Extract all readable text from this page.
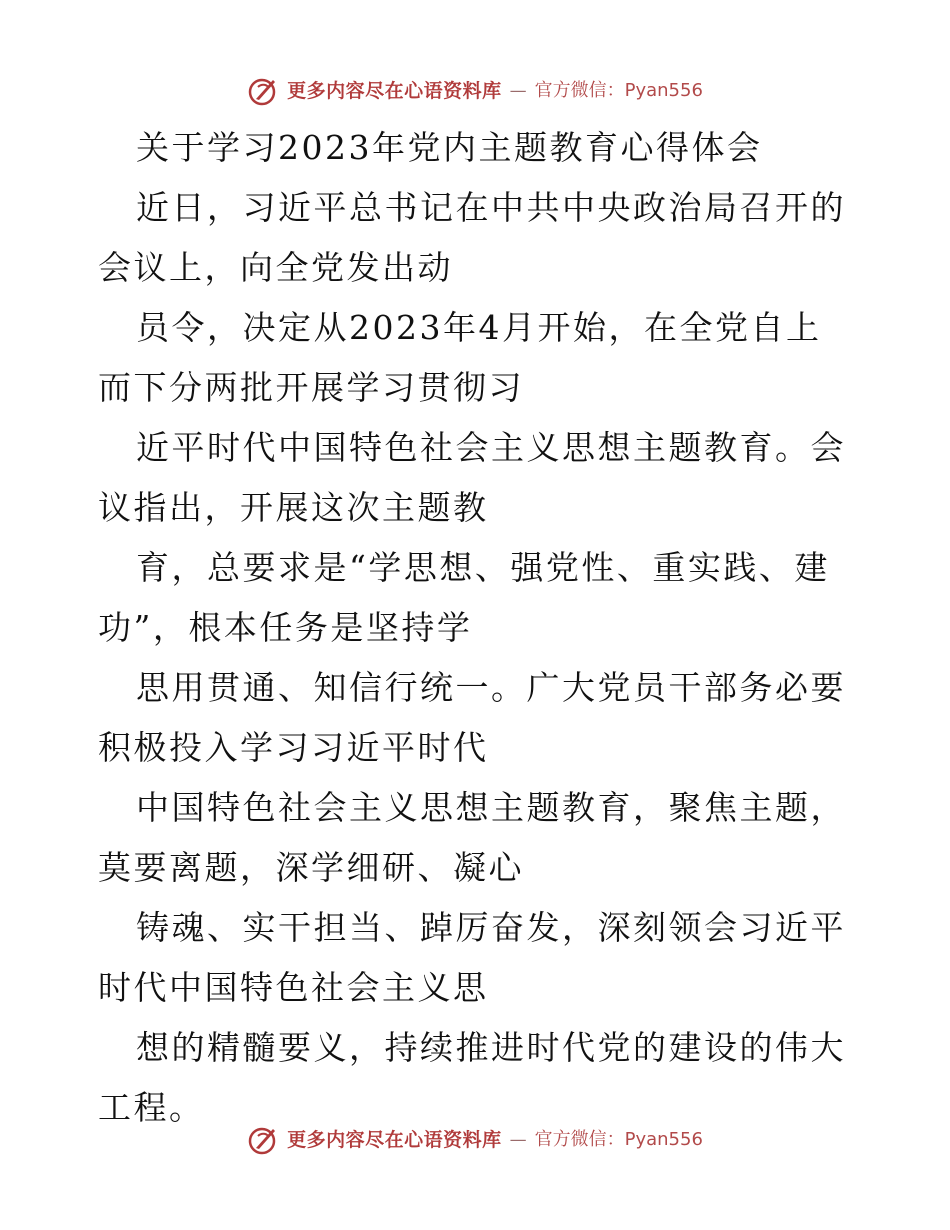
更多内容尽在心语资料库 — 官方微信：Pyan556

关于学习2023年党内主题教育心得体会

近日，习近平总书记在中共中央政治局召开的会议上，向全党发出动

员令，决定从2023年4月开始，在全党自上而下分两批开展学习贯彻习

近平时代中国特色社会主义思想主题教育。会议指出，开展这次主题教

育，总要求是“学思想、强党性、重实践、建功”，根本任务是坚持学

思用贯通、知信行统一。广大党员干部务必要积极投入学习习近平时代

中国特色社会主义思想主题教育，聚焦主题，莫要离题，深学细研、凝心

铸魂、实干担当、踔厉奋发，深刻领会习近平时代中国特色社会主义思

想的精髓要义，持续推进时代党的建设的伟大工程。

更多内容尽在心语资料库 — 官方微信：Pyan556
